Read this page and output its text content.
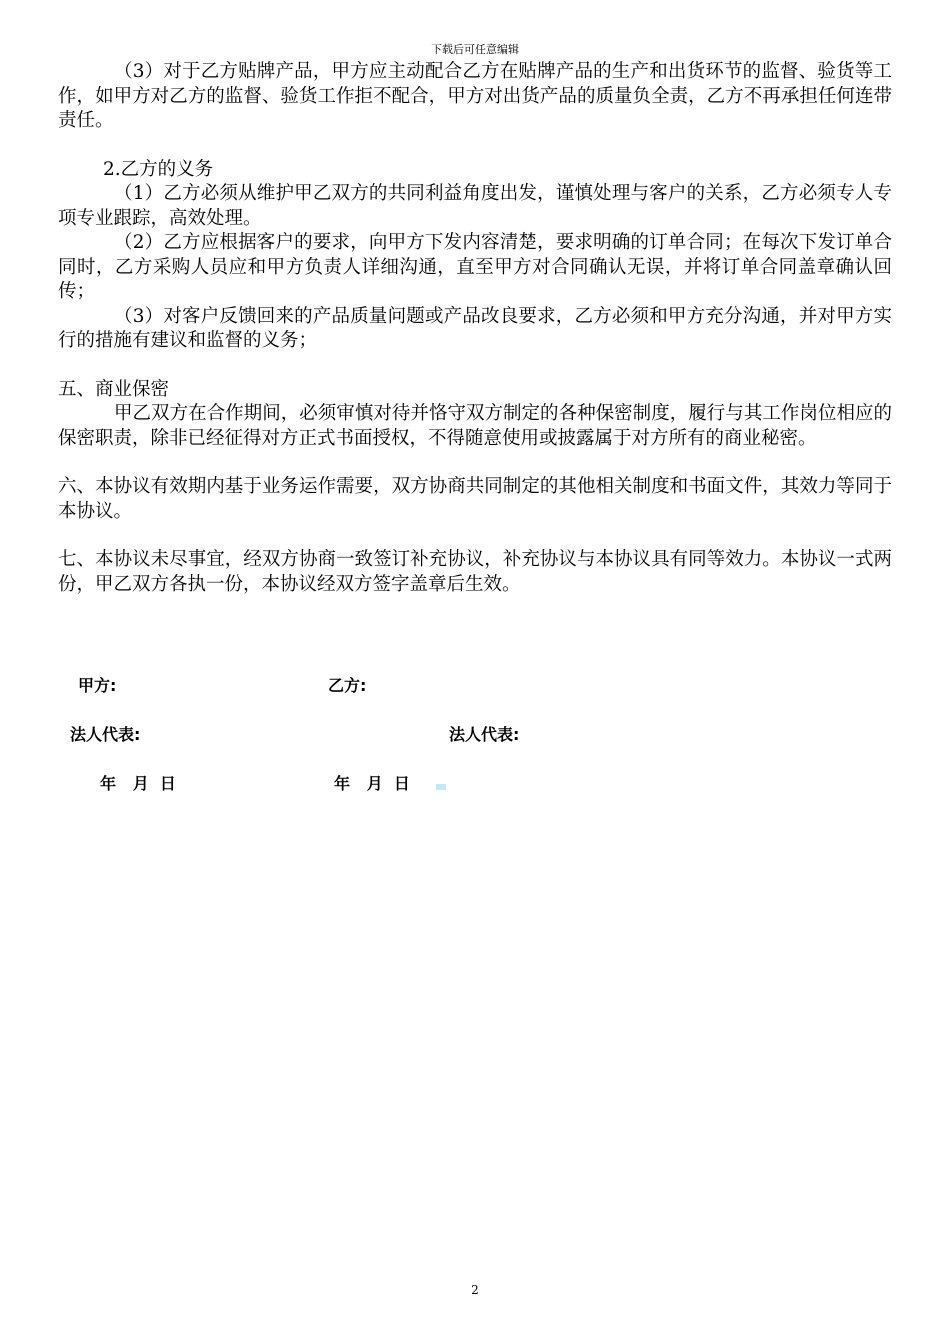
下载后可任意编辑

（3）对于乙方贴牌产品，甲方应主动配合乙方在贴牌产品的生产和出货环节的监督、验货等工作，如甲方对乙方的监督、验货工作拒不配合，甲方对出货产品的质量负全责，乙方不再承担任何连带责任。

2.乙方的义务

（1）乙方必须从维护甲乙双方的共同利益角度出发，谨慎处理与客户的关系，乙方必须专人专项专业跟踪，高效处理。

（2）乙方应根据客户的要求，向甲方下发内容清楚，要求明确的订单合同；在每次下发订单合同时，乙方采购人员应和甲方负责人详细沟通，直至甲方对合同确认无误，并将订单合同盖章确认回传；

（3）对客户反馈回来的产品质量问题或产品改良要求，乙方必须和甲方充分沟通，并对甲方实行的措施有建议和监督的义务；

五、商业保密

甲乙双方在合作期间，必须审慎对待并恪守双方制定的各种保密制度，履行与其工作岗位相应的保密职责，除非已经征得对方正式书面授权，不得随意使用或披露属于对方所有的商业秘密。

六、本协议有效期内基于业务运作需要，双方协商共同制定的其他相关制度和书面文件，其效力等同于本协议。

七、本协议未尽事宜，经双方协商一致签订补充协议，补充协议与本协议具有同等效力。本协议一式两份，甲乙双方各执一份，本协议经双方签字盖章后生效。

甲方:	乙方:
法人代表:	法人代表:
年   月  日	年   月  日
2
